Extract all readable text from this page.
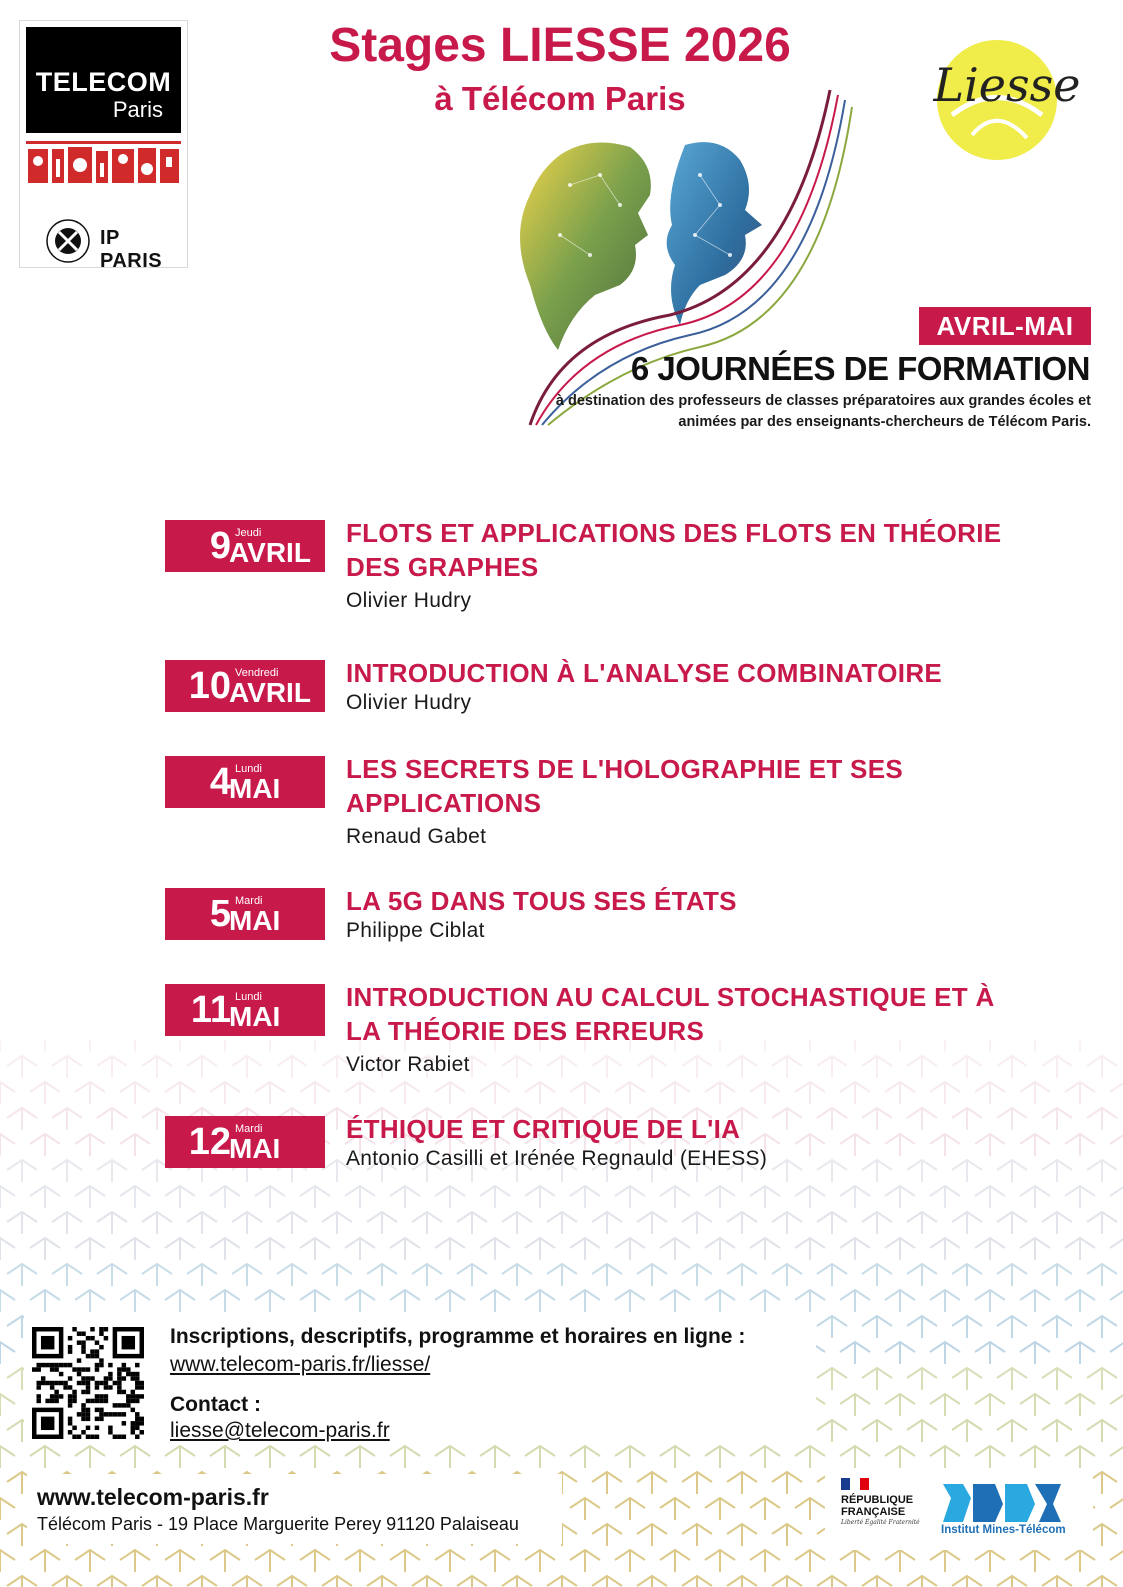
TELECOM
Paris
IP PARIS
Stages LIESSE 2026
à Télécom Paris	Liesse
AVRIL-MAI
6 JOURNÉES DE FORMATION
à destination des professeurs de classes préparatoires aux grandes écoles et animées par des enseignants-chercheurs de Télécom Paris.
9 Jeudi
AVRIL
FLOTS ET APPLICATIONS DES FLOTS EN THÉORIE DES GRAPHES
Olivier Hudry
10 Vendredi
AVRIL
INTRODUCTION À L'ANALYSE COMBINATOIRE
Olivier Hudry
4 Lundi
MAI
LES SECRETS DE L'HOLOGRAPHIE ET SES APPLICATIONS
Renaud Gabet
5 Mardi
MAI
LA 5G DANS TOUS SES ÉTATS
Philippe Ciblat
11 Lundi
MAI
INTRODUCTION AU CALCUL STOCHASTIQUE ET À LA THÉORIE DES ERREURS
Victor Rabiet
12 Mardi
MAI
ÉTHIQUE ET CRITIQUE DE L'IA
Antonio Casilli et Irénée Regnauld (EHESS)
Inscriptions, descriptifs, programme et horaires en ligne :
www.telecom-paris.fr/liesse/
Contact :
liesse@telecom-paris.fr
www.telecom-paris.fr
Télécom Paris - 19 Place Marguerite Perey 91120 Palaiseau
RÉPUBLIQUE
FRANÇAISE
Liberté Égalité Fraternité
Institut Mines-Télécom
